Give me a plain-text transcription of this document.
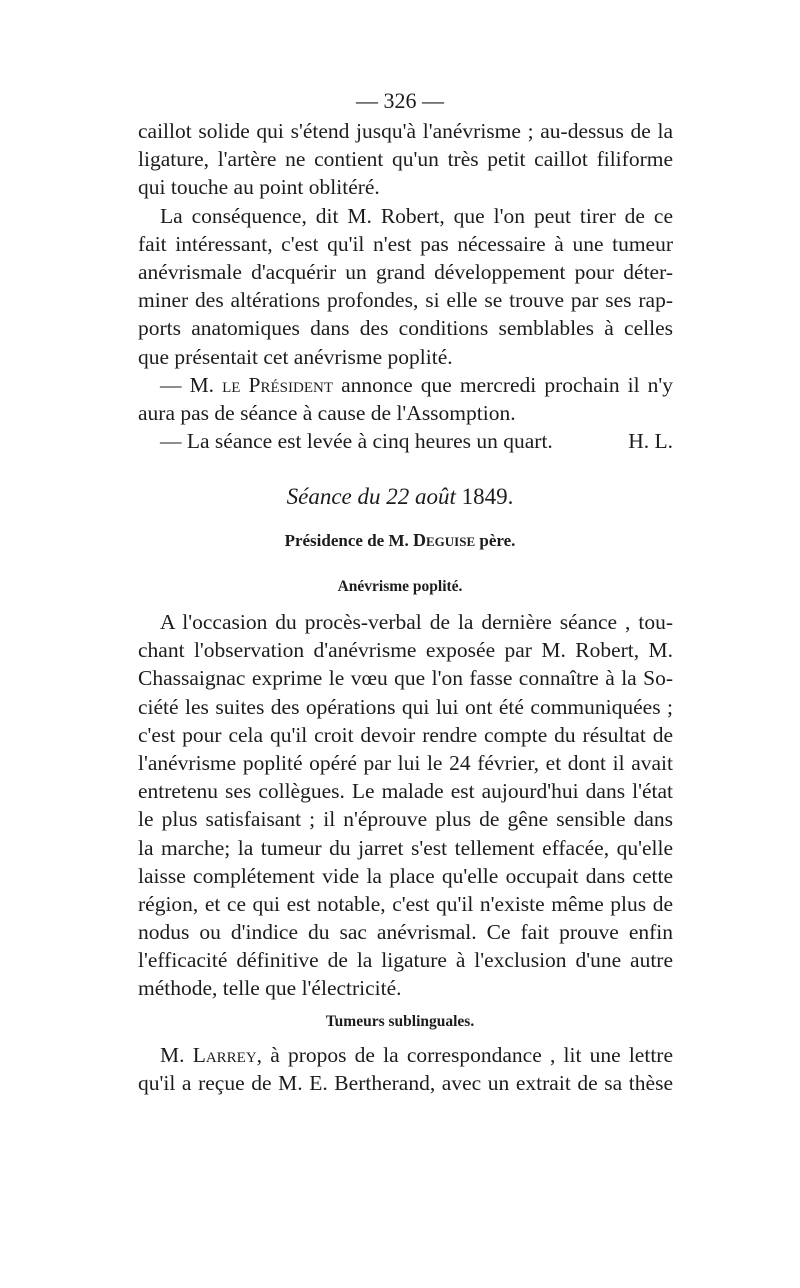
— 326 —
caillot solide qui s'étend jusqu'à l'anévrisme ; au-dessus de la
ligature, l'artère ne contient qu'un très petit caillot filiforme
qui touche au point oblitéré.
La conséquence, dit M. Robert, que l'on peut tirer de ce
fait intéressant, c'est qu'il n'est pas nécessaire à une tumeur
anévrismale d'acquérir un grand développement pour déter-
miner des altérations profondes, si elle se trouve par ses rap-
ports anatomiques dans des conditions semblables à celles
que présentait cet anévrisme poplité.
— M. le Président annonce que mercredi prochain il n'y
aura pas de séance à cause de l'Assomption.
— La séance est levée à cinq heures un quart.	H. L.
Séance du 22 août 1849.
Présidence de M. Deguise père.
Anévrisme poplité.
A l'occasion du procès-verbal de la dernière séance , tou-
chant l'observation d'anévrisme exposée par M. Robert, M.
Chassaignac exprime le vœu que l'on fasse connaître à la So-
ciété les suites des opérations qui lui ont été communiquées ;
c'est pour cela qu'il croit devoir rendre compte du résultat de
l'anévrisme poplité opéré par lui le 24 février, et dont il avait
entretenu ses collègues. Le malade est aujourd'hui dans l'état
le plus satisfaisant ; il n'éprouve plus de gêne sensible dans
la marche; la tumeur du jarret s'est tellement effacée, qu'elle
laisse complétement vide la place qu'elle occupait dans cette
région, et ce qui est notable, c'est qu'il n'existe même plus de
nodus ou d'indice du sac anévrismal. Ce fait prouve enfin
l'efficacité définitive de la ligature à l'exclusion d'une autre
méthode, telle que l'électricité.
Tumeurs sublinguales.
M. Larrey, à propos de la correspondance , lit une lettre
qu'il a reçue de M. E. Bertherand, avec un extrait de sa thèse
